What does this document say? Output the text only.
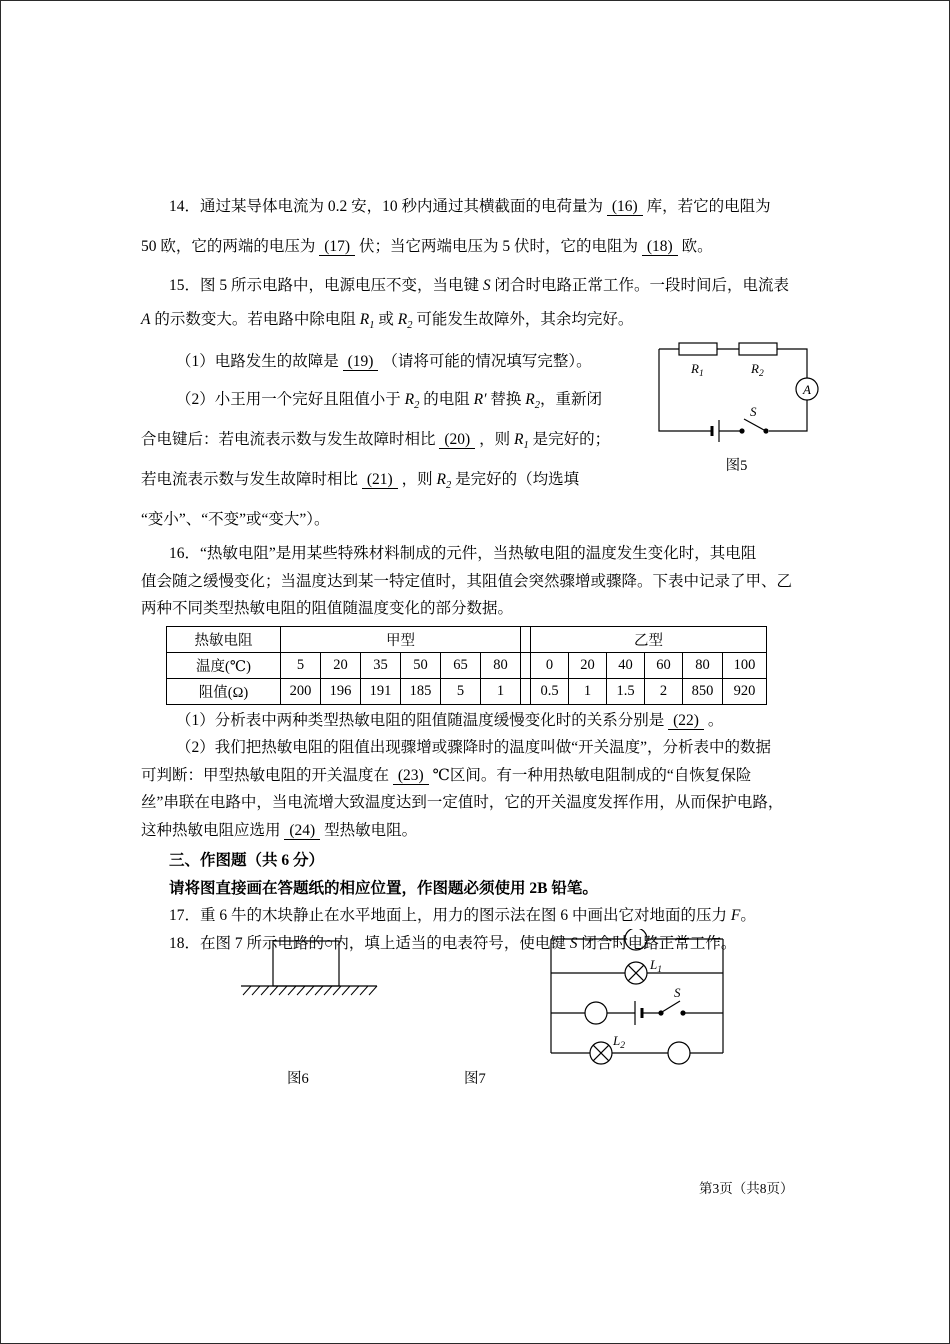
14．通过某导体电流为 0.2 安，10 秒内通过其横截面的电荷量为 (16) 库，若它的电阻为
50 欧，它的两端的电压为 (17) 伏；当它两端电压为 5 伏时，它的电阻为 (18) 欧。
15．图 5 所示电路中，电源电压不变，当电键 S 闭合时电路正常工作。一段时间后，电流表
A 的示数变大。若电路中除电阻 $R_1$ 或 $R_2$ 可能发生故障外，其余均完好。
（1）电路发生的故障是 (19) （请将可能的情况填写完整）。
（2）小王用一个完好且阻值小于 $R_2$ 的电阻 R′ 替换 $R_2$，重新闭
合电键后：若电流表示数与发生故障时相比 (20) ，则 $R_1$ 是完好的；
若电流表示数与发生故障时相比 (21) ，则 $R_2$ 是完好的（均选填
“变小”、“不变”或“变大”）。
16．“热敏电阻”是用某些特殊材料制成的元件，当热敏电阻的温度发生变化时，其电阻
值会随之缓慢变化；当温度达到某一特定值时，其阻值会突然骤增或骤降。下表中记录了甲、乙
两种不同类型热敏电阻的阻值随温度变化的部分数据。
热敏电阻	甲型							乙型					
温度(℃)	5	20	35	50	65	80		0	20	40	60	80	100
阻值(Ω)	200	196	191	185	5	1		0.5	1	1.5	2	850	920
（1）分析表中两种类型热敏电阻的阻值随温度缓慢变化时的关系分别是 (22) 。
（2）我们把热敏电阻的阻值出现骤增或骤降时的温度叫做“开关温度”，分析表中的数据
可判断：甲型热敏电阻的开关温度在 (23) ℃区间。有一种用热敏电阻制成的“自恢复保险
丝”串联在电路中，当电流增大致温度达到一定值时，它的开关温度发挥作用，从而保护电路，
这种热敏电阻应选用 (24) 型热敏电阻。
三、作图题（共 6 分）
请将图直接画在答题纸的相应位置，作图题必须使用 2B 铅笔。
17．重 6 牛的木块静止在水平地面上，用力的图示法在图 6 中画出它对地面的压力 F。
18．在图 7 所示电路的○内，填上适当的电表符号，使电键 S 闭合时电路正常工作。
$R_1$	$R_2$
A
S
图5
$L_1$
S
$L_2$
图6	图7
第3页（共8页）
